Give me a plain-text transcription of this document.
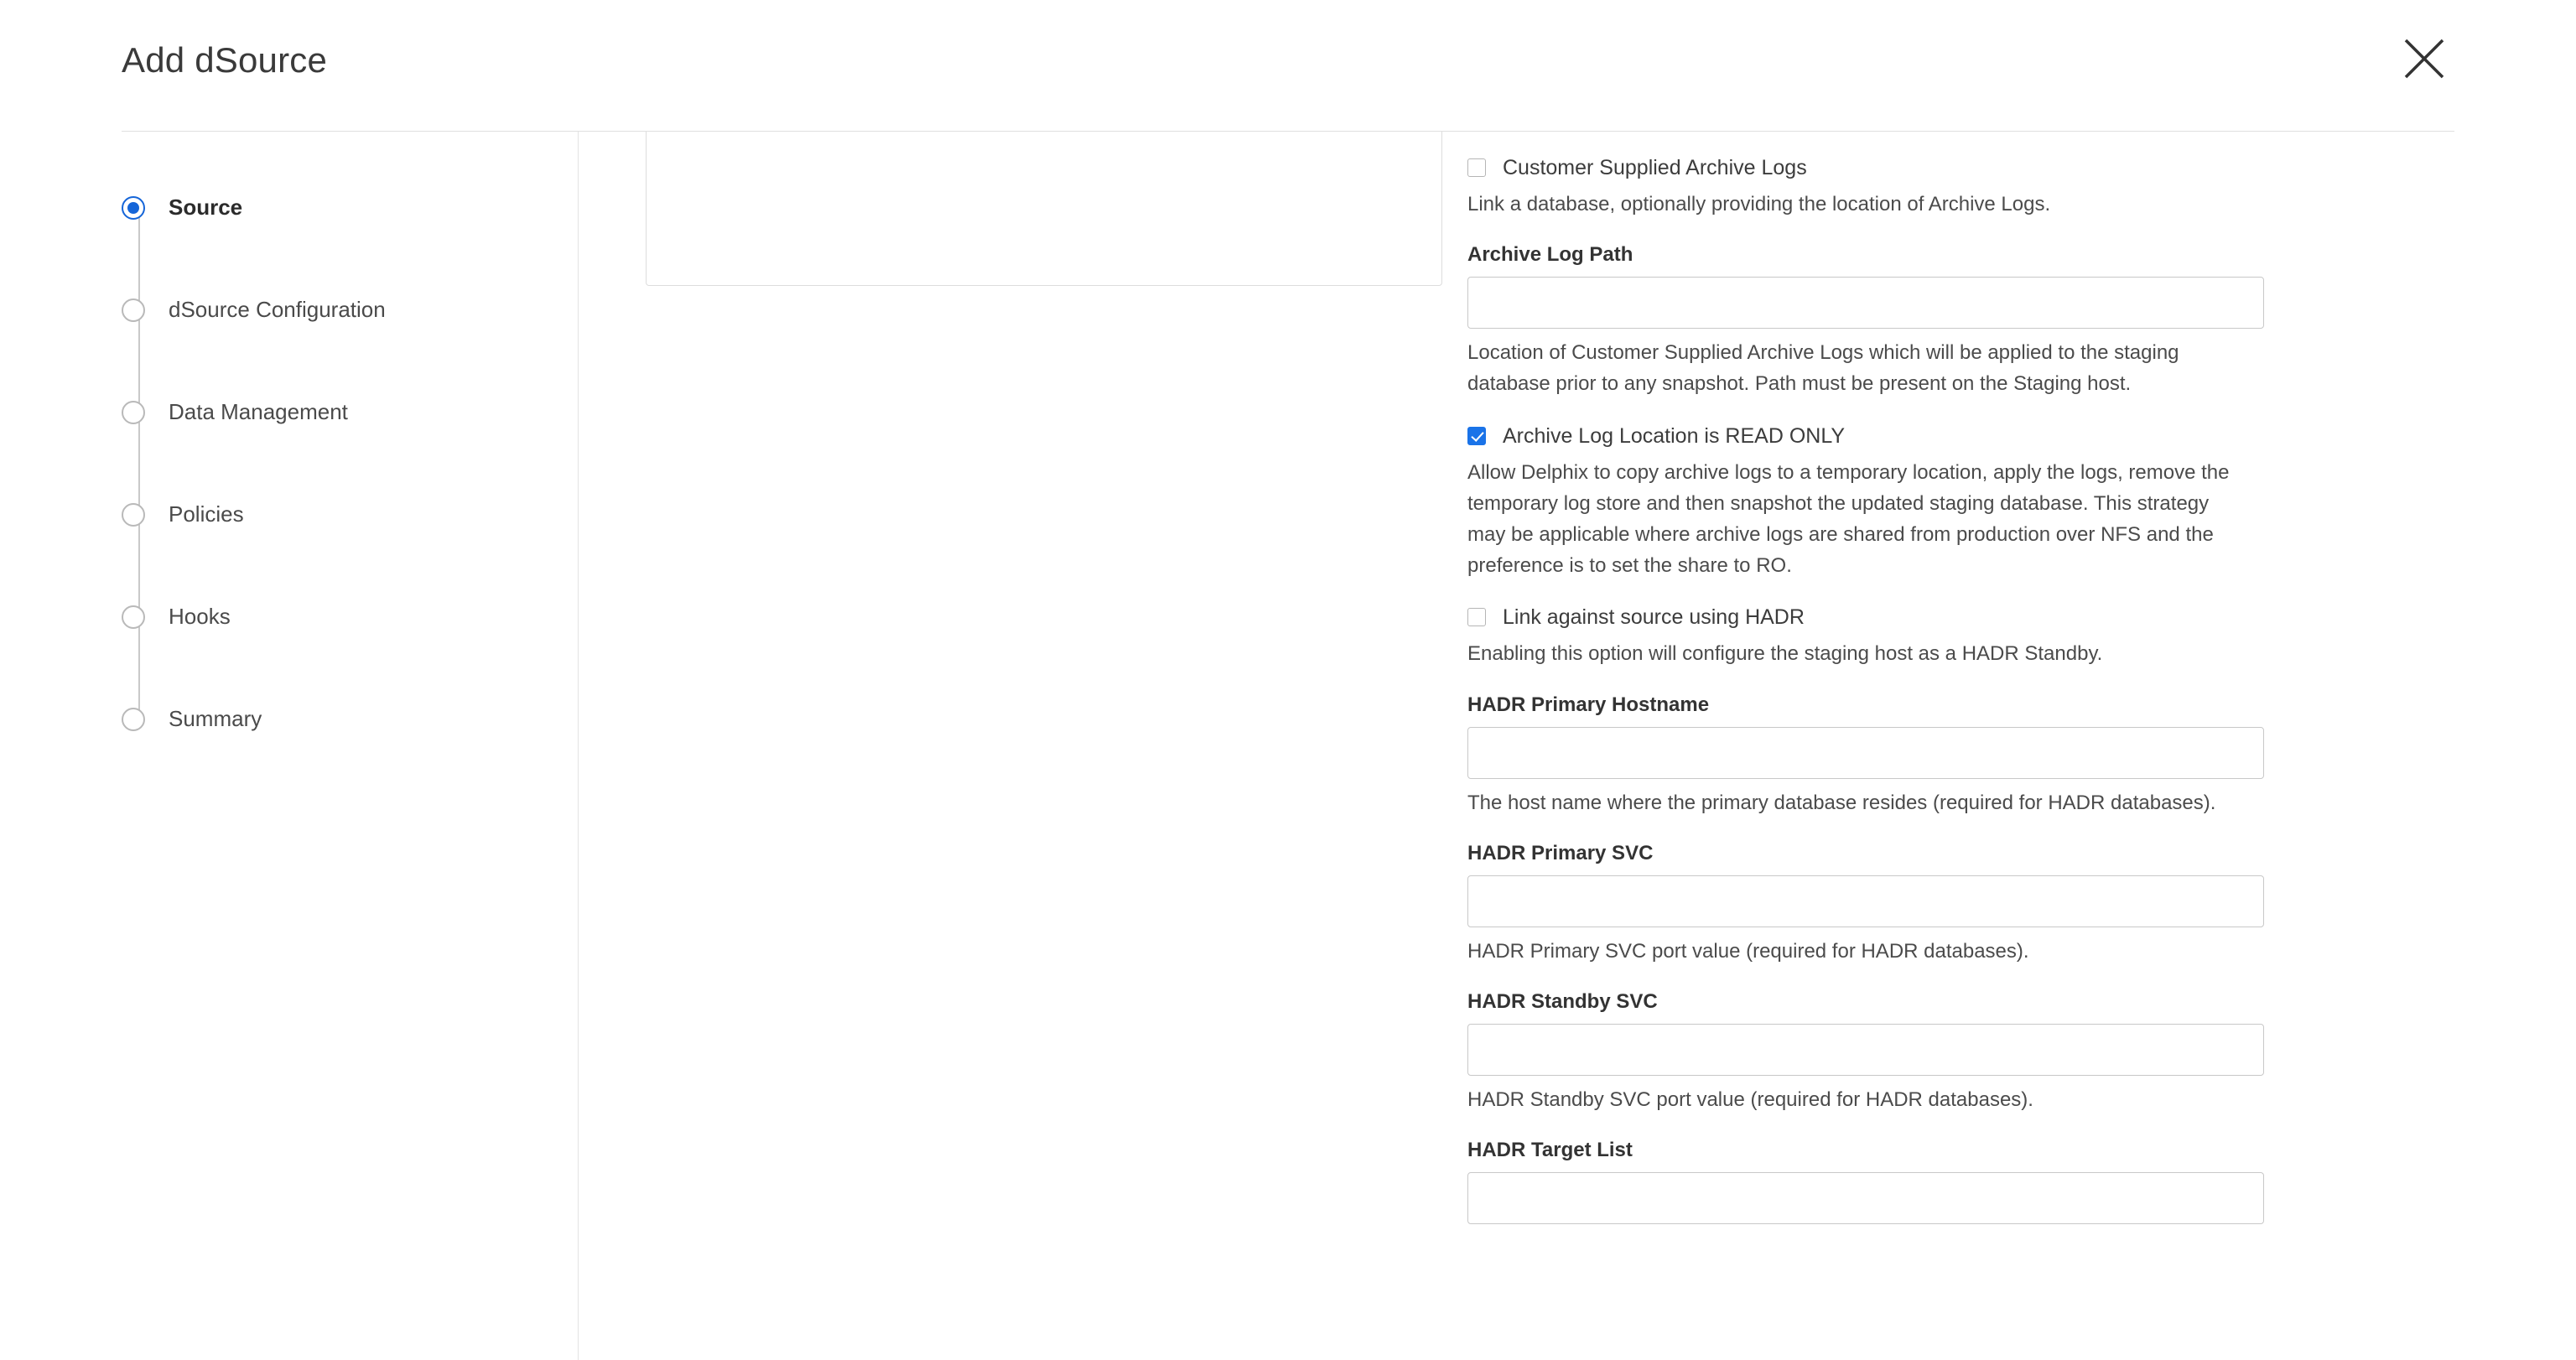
Add dSource
Source
dSource Configuration
Data Management
Policies
Hooks
Summary
Customer Supplied Archive Logs
Link a database, optionally providing the location of Archive Logs.
Archive Log Path
Location of Customer Supplied Archive Logs which will be applied to the staging database prior to any snapshot. Path must be present on the Staging host.
Archive Log Location is READ ONLY
Allow Delphix to copy archive logs to a temporary location, apply the logs, remove the temporary log store and then snapshot the updated staging database. This strategy may be applicable where archive logs are shared from production over NFS and the preference is to set the share to RO.
Link against source using HADR
Enabling this option will configure the staging host as a HADR Standby.
HADR Primary Hostname
The host name where the primary database resides (required for HADR databases).
HADR Primary SVC
HADR Primary SVC port value (required for HADR databases).
HADR Standby SVC
HADR Standby SVC port value (required for HADR databases).
HADR Target List
